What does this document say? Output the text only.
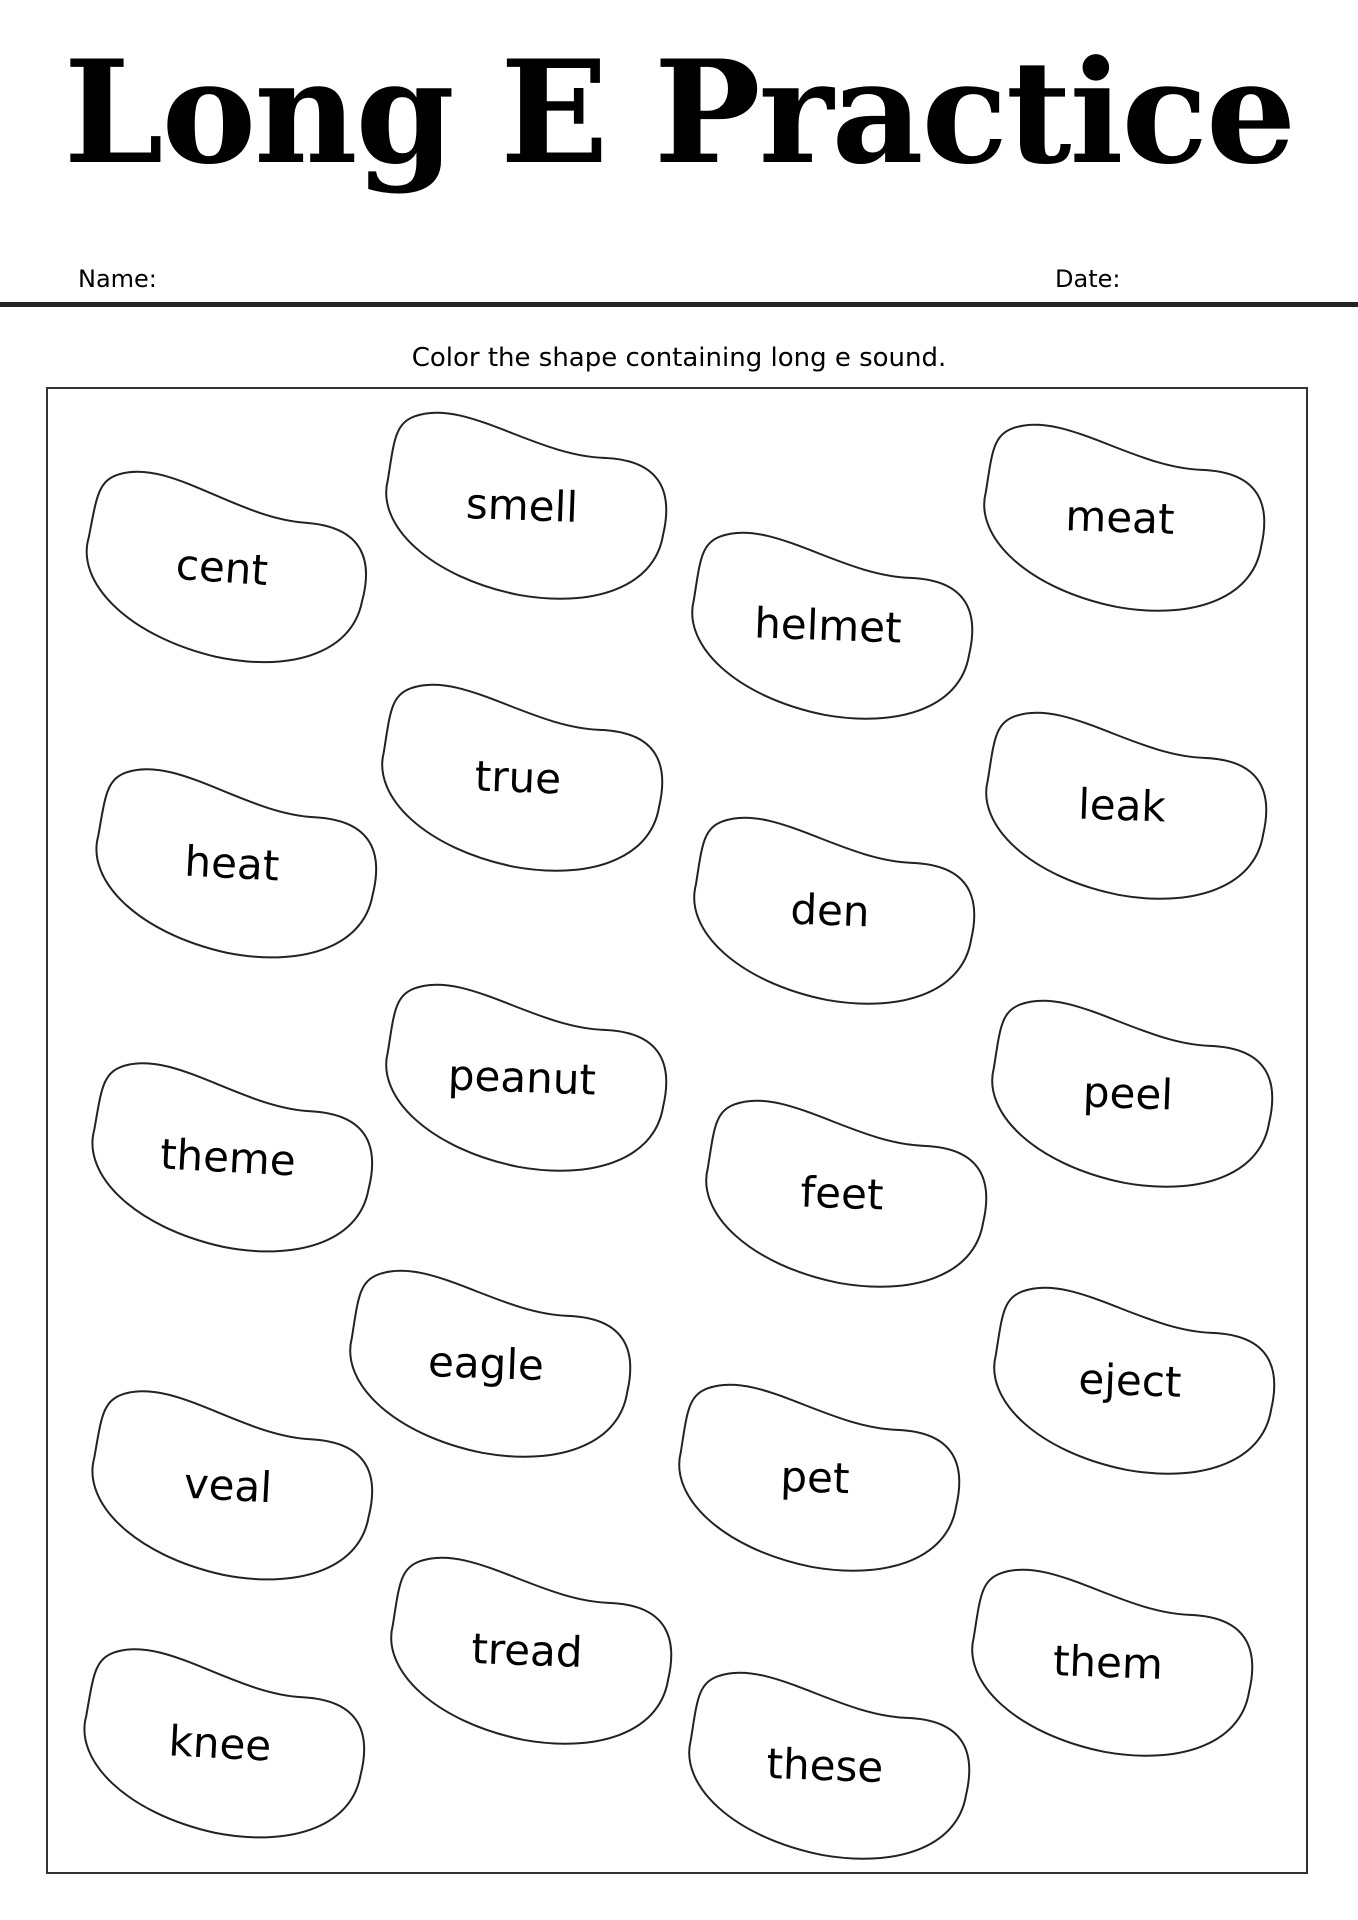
Long E Practice
Name:	Date:
Color the shape containing long e sound.
cent
smell
helmet
meat
true
heat
den
leak
peanut
theme
feet
peel
eagle
veal	pet
eject
tread
knee	these
them
